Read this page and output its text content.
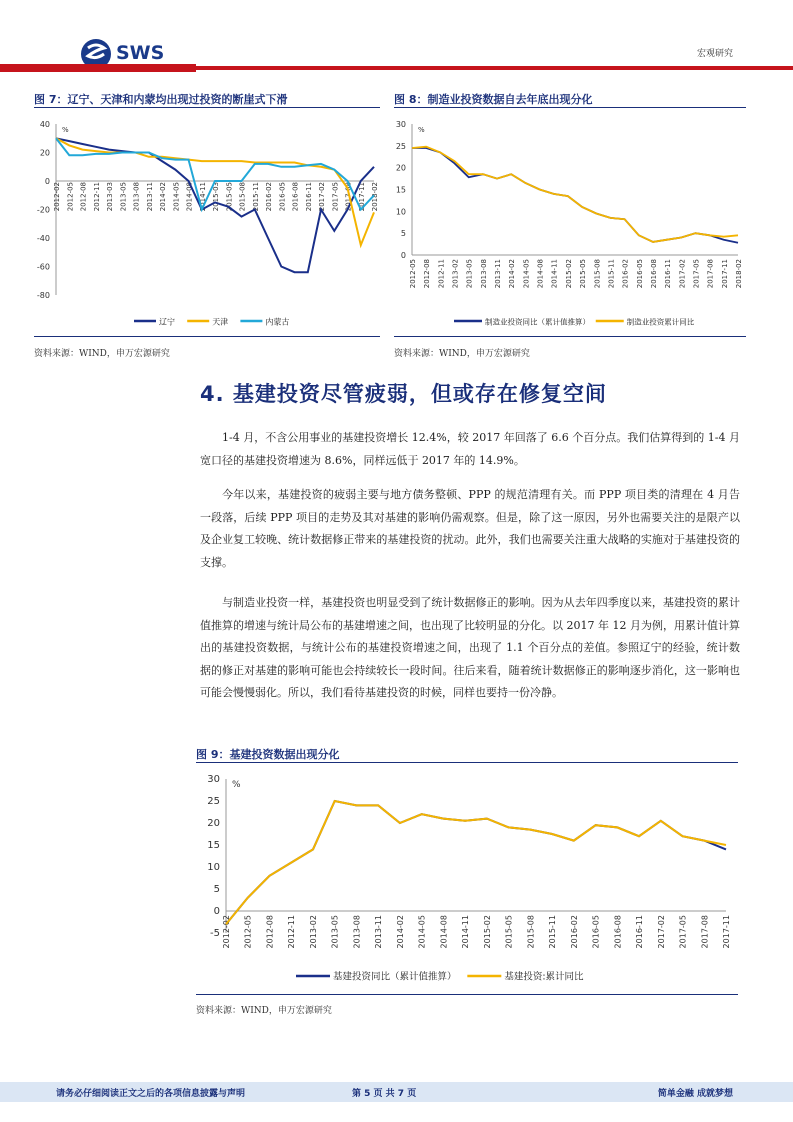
SWS	宏观研究
图 7：辽宁、天津和内蒙均出现过投资的断崖式下滑
40
20
0
-20
-40
-60
-80
%
2012-02 2012-05 2012-08 2012-11 2013-03 2013-05 2013-08 2013-11 2014-02 2014-05 2014-08 2014-11 2015-03 2015-05 2015-08 2015-11 2016-02 2016-05 2016-08 2016-11 2017-02 2017-05 2017-08 2017-11 2018-02
辽宁	天津	内蒙古
资料来源：WIND，申万宏源研究
图 8：制造业投资数据自去年底出现分化
30
25
20
15
10
5
0
%
2012-05 2012-08 2012-11 2013-02 2013-05 2013-08 2013-11 2014-02 2014-05 2014-08 2014-11 2015-02 2015-05 2015-08 2015-11 2016-02 2016-05 2016-08 2016-11 2017-02 2017-05 2017-08 2017-11 2018-02
制造业投资同比（累计值推算）	制造业投资累计同比
资料来源：WIND，申万宏源研究
4. 基建投资尽管疲弱，但或存在修复空间
1-4 月，不含公用事业的基建投资增长 12.4%，较 2017 年回落了 6.6 个百分点。我们估算得到的 1-4 月宽口径的基建投资增速为 8.6%，同样远低于 2017 年的 14.9%。
今年以来，基建投资的疲弱主要与地方债务整顿、PPP 的规范清理有关。而 PPP 项目类的清理在 4 月告一段落，后续 PPP 项目的走势及其对基建的影响仍需观察。但是，除了这一原因，另外也需要关注的是限产以及企业复工较晚、统计数据修正带来的基建投资的扰动。此外，我们也需要关注重大战略的实施对于基建投资的支撑。
与制造业投资一样，基建投资也明显受到了统计数据修正的影响。因为从去年四季度以来，基建投资的累计值推算的增速与统计局公布的基建增速之间，也出现了比较明显的分化。以 2017 年 12 月为例，用累计值计算出的基建投资数据，与统计公布的基建投资增速之间，出现了 1.1 个百分点的差值。参照辽宁的经验，统计数据的修正对基建的影响可能也会持续较长一段时间。往后来看，随着统计数据修正的影响逐步消化，这一影响也可能会慢慢弱化。所以，我们看待基建投资的时候，同样也要持一份冷静。
图 9：基建投资数据出现分化
30
25
20
15
10
5
0
-5
%
2012-02 2012-05 2012-08 2012-11 2013-02 2013-05 2013-08 2013-11 2014-02 2014-05 2014-08 2014-11 2015-02 2015-05 2015-08 2015-11 2016-02 2016-05 2016-08 2016-11 2017-02 2017-05 2017-08 2017-11
基建投资同比（累计值推算）	基建投资:累计同比
资料来源：WIND，申万宏源研究
请务必仔细阅读正文之后的各项信息披露与声明	第 5 页 共 7 页	简单金融 成就梦想
